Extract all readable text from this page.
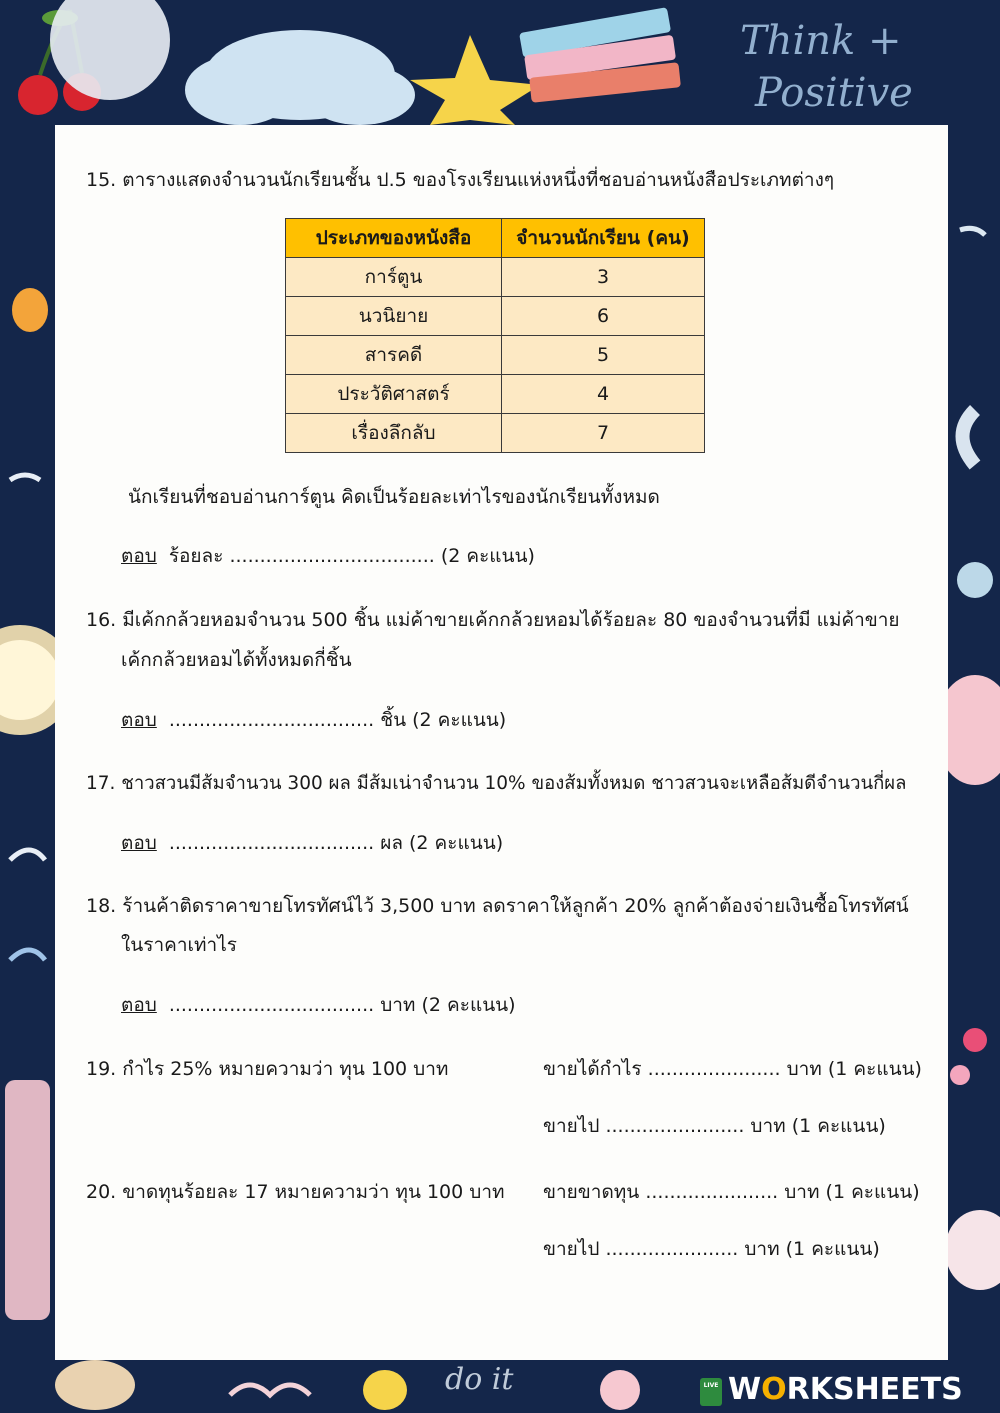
Think +
Positive
do it	LIVE WORKSHEETS
15. ตารางแสดงจำนวนนักเรียนชั้น ป.5 ของโรงเรียนแห่งหนึ่งที่ชอบอ่านหนังสือประเภทต่างๆ
ประเภทของหนังสือ	จำนวนนักเรียน (คน)
การ์ตูน	3
นวนิยาย	6
สารคดี	5
ประวัติศาสตร์	4
เรื่องลึกลับ	7
นักเรียนที่ชอบอ่านการ์ตูน คิดเป็นร้อยละเท่าไรของนักเรียนทั้งหมด
ตอบ ร้อยละ .................................. (2 คะแนน)
16. มีเค้กกล้วยหอมจำนวน 500 ชิ้น แม่ค้าขายเค้กกล้วยหอมได้ร้อยละ 80 ของจำนวนที่มี แม่ค้าขาย
เค้กกล้วยหอมได้ทั้งหมดกี่ชิ้น
ตอบ .................................. ชิ้น (2 คะแนน)
17. ชาวสวนมีส้มจำนวน 300 ผล มีส้มเน่าจำนวน 10% ของส้มทั้งหมด ชาวสวนจะเหลือส้มดีจำนวนกี่ผล
ตอบ .................................. ผล (2 คะแนน)
18. ร้านค้าติดราคาขายโทรทัศน์ไว้ 3,500 บาท ลดราคาให้ลูกค้า 20% ลูกค้าต้องจ่ายเงินซื้อโทรทัศน์
ในราคาเท่าไร
ตอบ .................................. บาท (2 คะแนน)
19. กำไร 25% หมายความว่า ทุน 100 บาท	ขายได้กำไร ...................... บาท (1 คะแนน)
ขายไป ....................... บาท (1 คะแนน)
20. ขาดทุนร้อยละ 17 หมายความว่า ทุน 100 บาท ขายขาดทุน ...................... บาท (1 คะแนน)
ขายไป ...................... บาท (1 คะแนน)
